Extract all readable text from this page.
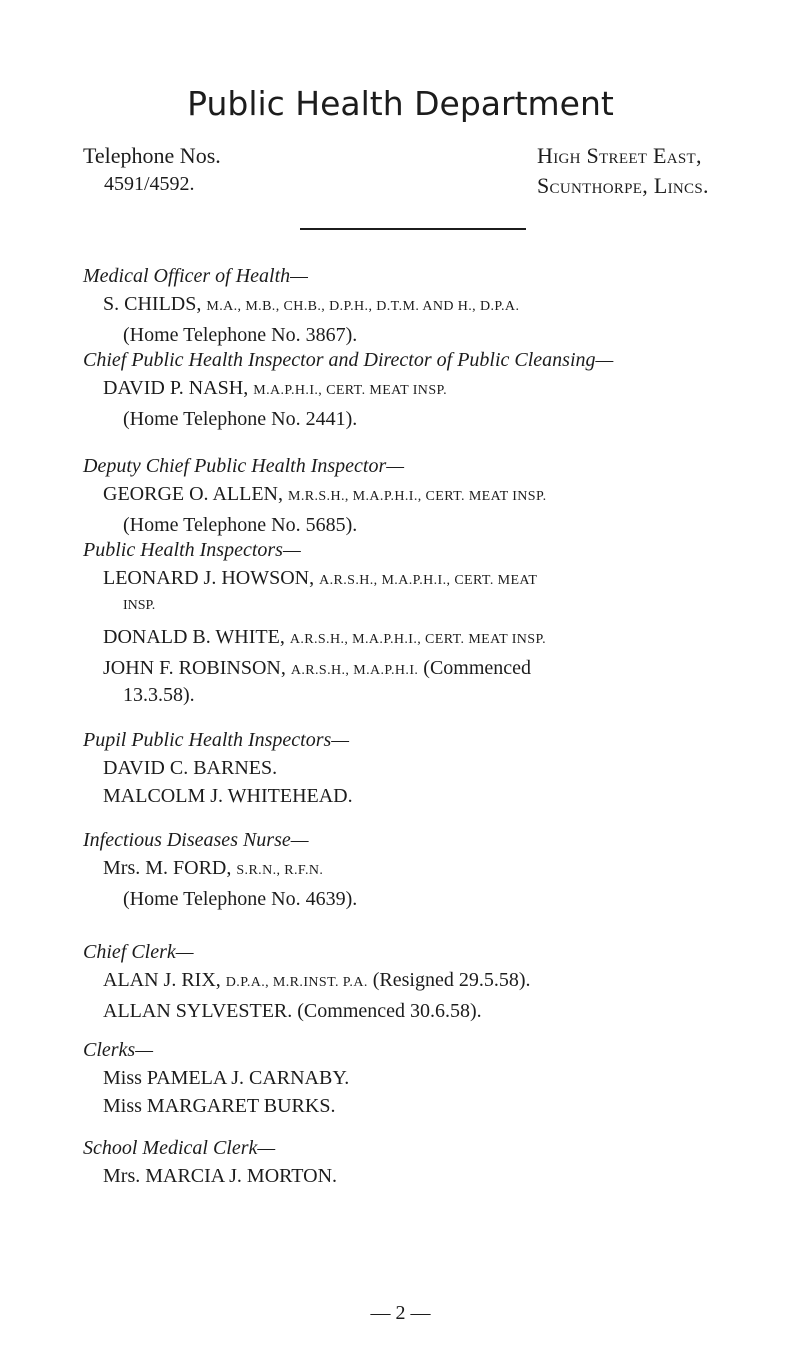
Public Health Department
Telephone Nos.
4591/4592.
High Street East,
Scunthorpe, Lincs.
Medical Officer of Health—
S. CHILDS, M.A., M.B., CH.B., D.P.H., D.T.M. AND H., D.P.A.
(Home Telephone No. 3867).
Chief Public Health Inspector and Director of Public Cleansing—
DAVID P. NASH, M.A.P.H.I., CERT. MEAT INSP.
(Home Telephone No. 2441).
Deputy Chief Public Health Inspector—
GEORGE O. ALLEN, M.R.S.H., M.A.P.H.I., CERT. MEAT INSP.
(Home Telephone No. 5685).
Public Health Inspectors—
LEONARD J. HOWSON, A.R.S.H., M.A.P.H.I., CERT. MEAT
INSP.
DONALD B. WHITE, A.R.S.H., M.A.P.H.I., CERT. MEAT INSP.
JOHN F. ROBINSON, A.R.S.H., M.A.P.H.I. (Commenced
13.3.58).
Pupil Public Health Inspectors—
DAVID C. BARNES.
MALCOLM J. WHITEHEAD.
Infectious Diseases Nurse—
Mrs. M. FORD, S.R.N., R.F.N.
(Home Telephone No. 4639).
Chief Clerk—
ALAN J. RIX, D.P.A., M.R.INST. P.A. (Resigned 29.5.58).
ALLAN SYLVESTER. (Commenced 30.6.58).
Clerks—
Miss PAMELA J. CARNABY.
Miss MARGARET BURKS.
School Medical Clerk—
Mrs. MARCIA J. MORTON.
— 2 —
